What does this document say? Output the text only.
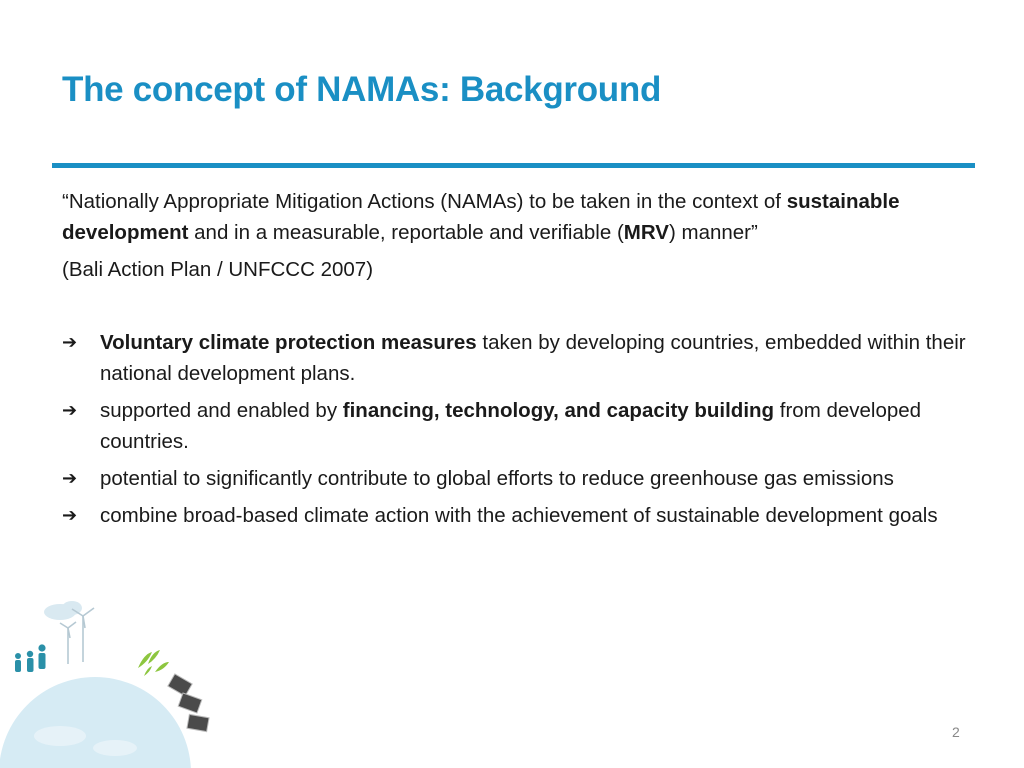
The concept of NAMAs: Background
“Nationally Appropriate Mitigation Actions (NAMAs) to be taken in the context of sustainable development and in a measurable, reportable and verifiable (MRV) manner”
(Bali Action Plan / UNFCCC 2007)
➔	Voluntary climate protection measures taken by developing countries, embedded within their national development plans.
➔	supported and enabled by financing, technology, and capacity building from developed countries.
➔	potential to significantly contribute to global efforts to reduce greenhouse gas emissions
➔	combine broad-based climate action with the achievement of sustainable development goals
2
